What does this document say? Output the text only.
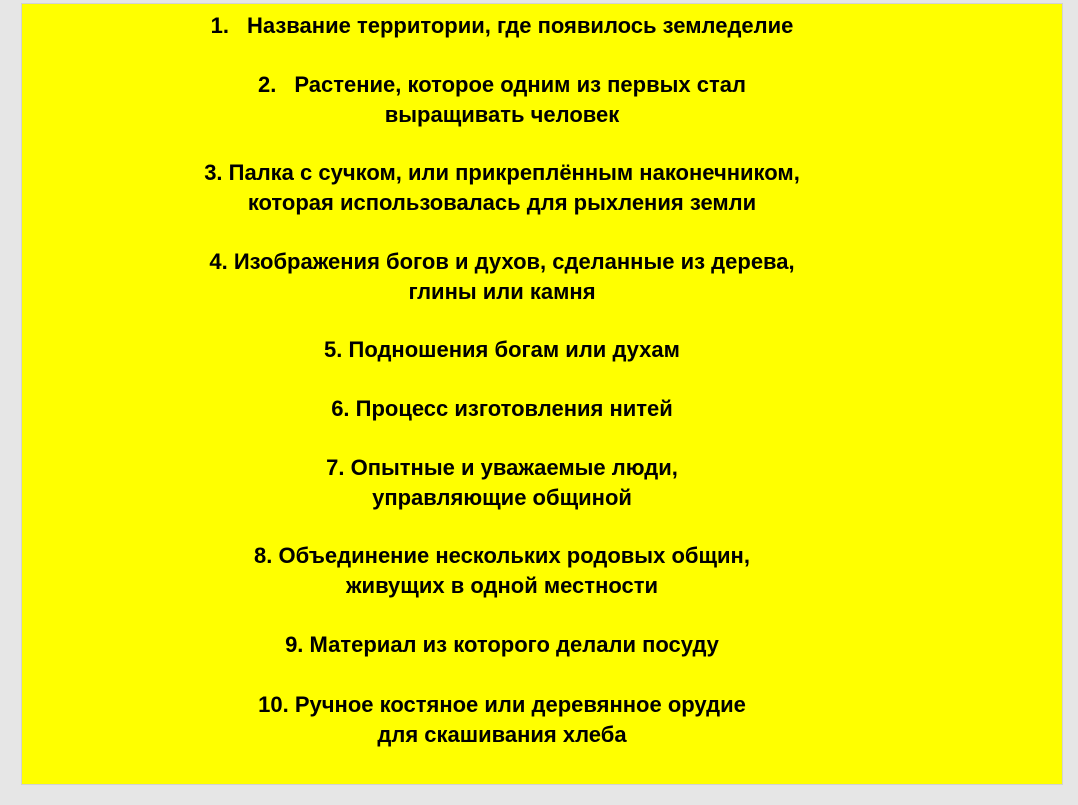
1. Название территории, где появилось земледелие
2. Растение, которое одним из первых стал
выращивать человек
3. Палка с сучком, или прикреплённым наконечником,
которая использовалась для рыхления земли
4. Изображения богов и духов, сделанные из дерева,
глины или камня
5. Подношения богам или духам
6. Процесс изготовления нитей
7. Опытные и уважаемые люди,
управляющие общиной
8. Объединение нескольких родовых общин,
живущих в одной местности
9. Материал из которого делали посуду
10. Ручное костяное или деревянное орудие
для скашивания хлеба
